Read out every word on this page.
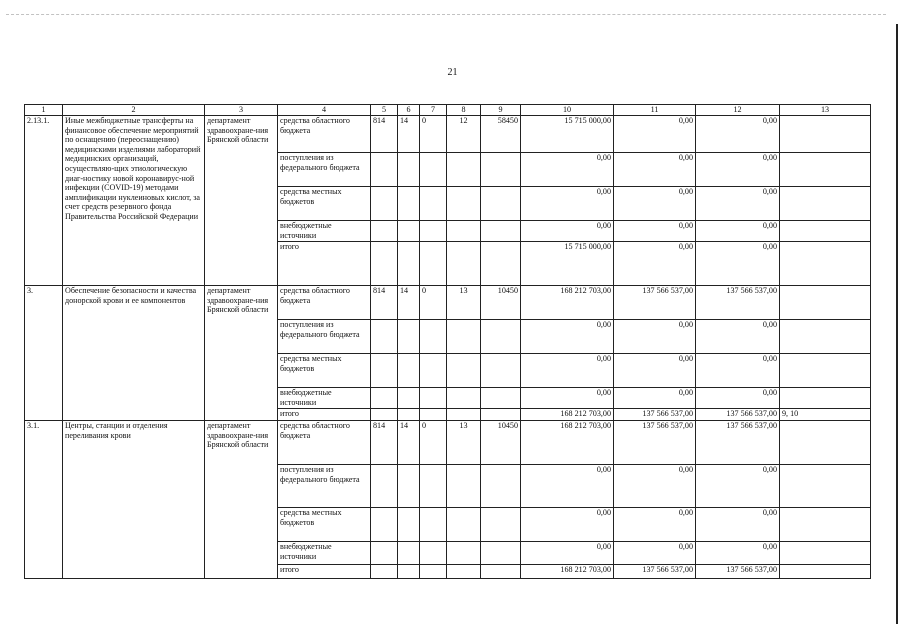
21
1	2	3	4	5	6	7	8	9	10	11	12	13
2.13.1.	Иные межбюджетные трансферты на финансовое обеспечение мероприятий по оснащению (переоснащению) медицинскими изделиями лабораторий медицинских организаций, осуществляю-щих этиологическую диаг-ностику новой коронавирус-ной инфекции (COVID-19) методами амплификации нуклеиновых кислот, за счет средств резервного фонда Правительства Российской Федерации	департамент здравоохране-ния Брянской области	средства областного бюджета	814	14	0	12	58450	15 715 000,00	0,00	0,00	
			поступления из федерального бюджета						0,00	0,00	0,00	
			средства местных бюджетов						0,00	0,00	0,00	
			внебюджетные источники						0,00	0,00	0,00	
			итого						15 715 000,00	0,00	0,00	
3.	Обеспечение безопасности и качества донорской крови и ее компонентов	департамент здравоохране-ния Брянской области	средства областного бюджета	814	14	0	13	10450	168 212 703,00	137 566 537,00	137 566 537,00	
			поступления из федерального бюджета						0,00	0,00	0,00	
			средства местных бюджетов						0,00	0,00	0,00	
			внебюджетные источники						0,00	0,00	0,00	
			итого						168 212 703,00	137 566 537,00	137 566 537,00	9, 10
3.1.	Центры, станции и отделения переливания крови	департамент здравоохране-ния Брянской области	средства областного бюджета	814	14	0	13	10450	168 212 703,00	137 566 537,00	137 566 537,00	
			поступления из федерального бюджета						0,00	0,00	0,00	
			средства местных бюджетов						0,00	0,00	0,00	
			внебюджетные источники						0,00	0,00	0,00	
			итого						168 212 703,00	137 566 537,00	137 566 537,00	
